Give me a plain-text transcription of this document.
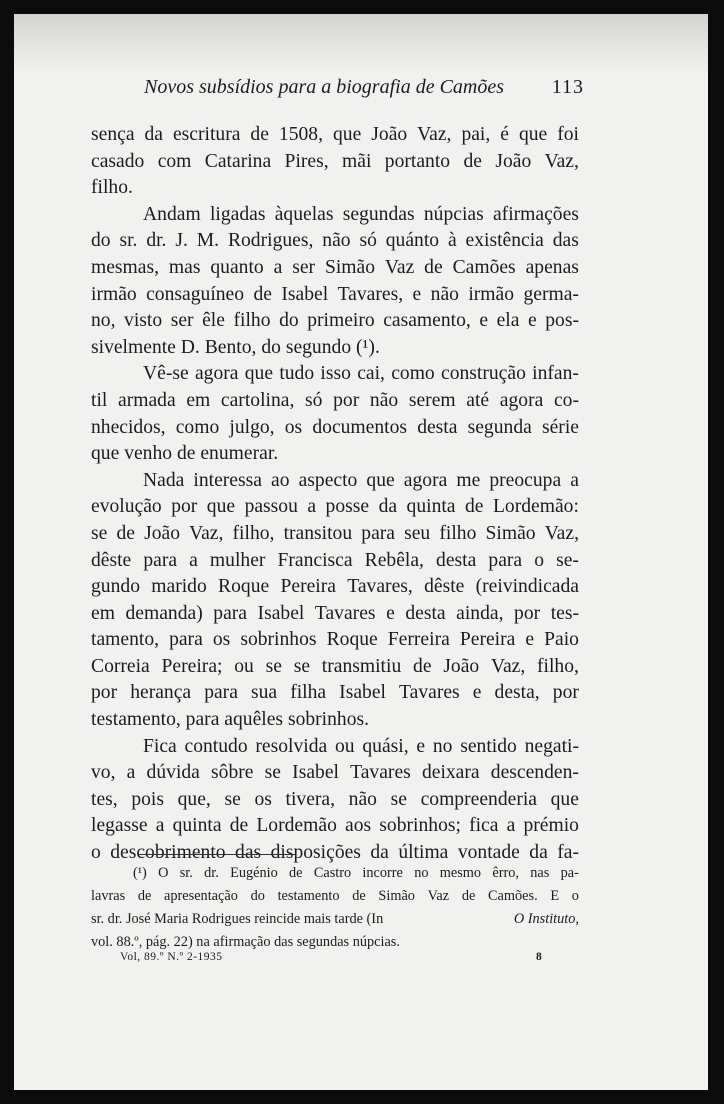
Novos subsídios para a biografia de Camões 113
sença da escritura de 1508, que João Vaz, pai, é que foi
casado com Catarina Pires, mãi portanto de João Vaz,
filho.
Andam ligadas àquelas segundas núpcias afirmações
do sr. dr. J. M. Rodrigues, não só quánto à existência das
mesmas, mas quanto a ser Simão Vaz de Camões apenas
irmão consaguíneo de Isabel Tavares, e não irmão germa-
no, visto ser êle filho do primeiro casamento, e ela e pos-
sivelmente D. Bento, do segundo (¹).
Vê-se agora que tudo isso cai, como construção infan-
til armada em cartolina, só por não serem até agora co-
nhecidos, como julgo, os documentos desta segunda série
que venho de enumerar.
Nada interessa ao aspecto que agora me preocupa a
evolução por que passou a posse da quinta de Lordemão:
se de João Vaz, filho, transitou para seu filho Simão Vaz,
dêste para a mulher Francisca Rebêla, desta para o se-
gundo marido Roque Pereira Tavares, dêste (reivindicada
em demanda) para Isabel Tavares e desta ainda, por tes-
tamento, para os sobrinhos Roque Ferreira Pereira e Paio
Correia Pereira; ou se se transmitiu de João Vaz, filho,
por herança para sua filha Isabel Tavares e desta, por
testamento, para aquêles sobrinhos.
Fica contudo resolvida ou quási, e no sentido negati-
vo, a dúvida sôbre se Isabel Tavares deixara descenden-
tes, pois que, se os tivera, não se compreenderia que
legasse a quinta de Lordemão aos sobrinhos; fica a prémio
o descobrimento das disposições da última vontade da fa-
(¹) O sr. dr. Eugénio de Castro incorre no mesmo êrro, nas pa-
lavras de apresentação do testamento de Simão Vaz de Camões. E o
sr. dr. José Maria Rodrigues reincide mais tarde (In	O Instituto,
vol. 88.º, pág. 22) na afirmação das segundas núpcias.
Vol, 89.º N.º 2-1935	8
